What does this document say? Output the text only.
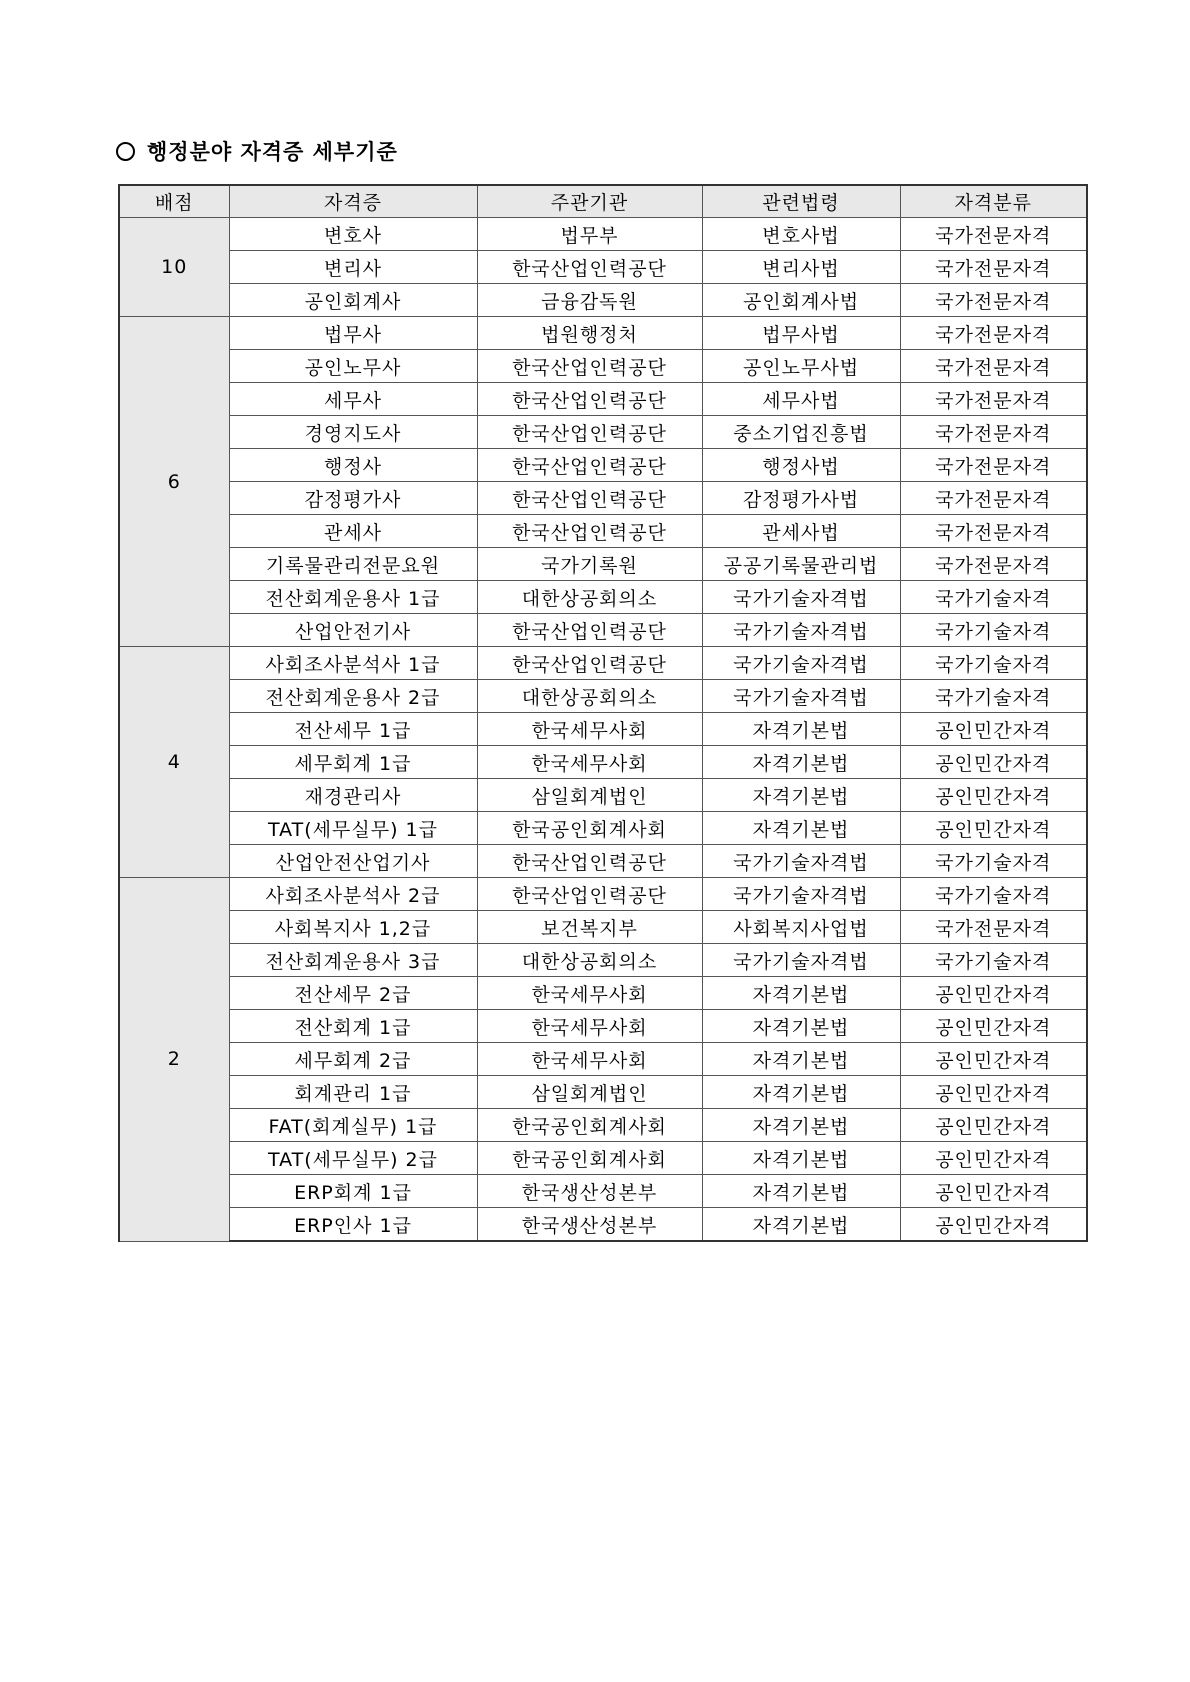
행정분야 자격증 세부기준
배점	자격증	주관기관	관련법령	자격분류
10	변호사	법무부	변호사법	국가전문자격
	변리사	한국산업인력공단	변리사법	국가전문자격
	공인회계사	금융감독원	공인회계사법	국가전문자격
6	법무사	법원행정처	법무사법	국가전문자격
	공인노무사	한국산업인력공단	공인노무사법	국가전문자격
	세무사	한국산업인력공단	세무사법	국가전문자격
	경영지도사	한국산업인력공단	중소기업진흥법	국가전문자격
	행정사	한국산업인력공단	행정사법	국가전문자격
	감정평가사	한국산업인력공단	감정평가사법	국가전문자격
	관세사	한국산업인력공단	관세사법	국가전문자격
	기록물관리전문요원	국가기록원	공공기록물관리법	국가전문자격
	전산회계운용사 1급	대한상공회의소	국가기술자격법	국가기술자격
	산업안전기사	한국산업인력공단	국가기술자격법	국가기술자격
4	사회조사분석사 1급	한국산업인력공단	국가기술자격법	국가기술자격
	전산회계운용사 2급	대한상공회의소	국가기술자격법	국가기술자격
	전산세무 1급	한국세무사회	자격기본법	공인민간자격
	세무회계 1급	한국세무사회	자격기본법	공인민간자격
	재경관리사	삼일회계법인	자격기본법	공인민간자격
	TAT(세무실무) 1급	한국공인회계사회	자격기본법	공인민간자격
	산업안전산업기사	한국산업인력공단	국가기술자격법	국가기술자격
2	사회조사분석사 2급	한국산업인력공단	국가기술자격법	국가기술자격
	사회복지사 1,2급	보건복지부	사회복지사업법	국가전문자격
	전산회계운용사 3급	대한상공회의소	국가기술자격법	국가기술자격
	전산세무 2급	한국세무사회	자격기본법	공인민간자격
	전산회계 1급	한국세무사회	자격기본법	공인민간자격
	세무회계 2급	한국세무사회	자격기본법	공인민간자격
	회계관리 1급	삼일회계법인	자격기본법	공인민간자격
	FAT(회계실무) 1급	한국공인회계사회	자격기본법	공인민간자격
	TAT(세무실무) 2급	한국공인회계사회	자격기본법	공인민간자격
	ERP회계 1급	한국생산성본부	자격기본법	공인민간자격
	ERP인사 1급	한국생산성본부	자격기본법	공인민간자격
